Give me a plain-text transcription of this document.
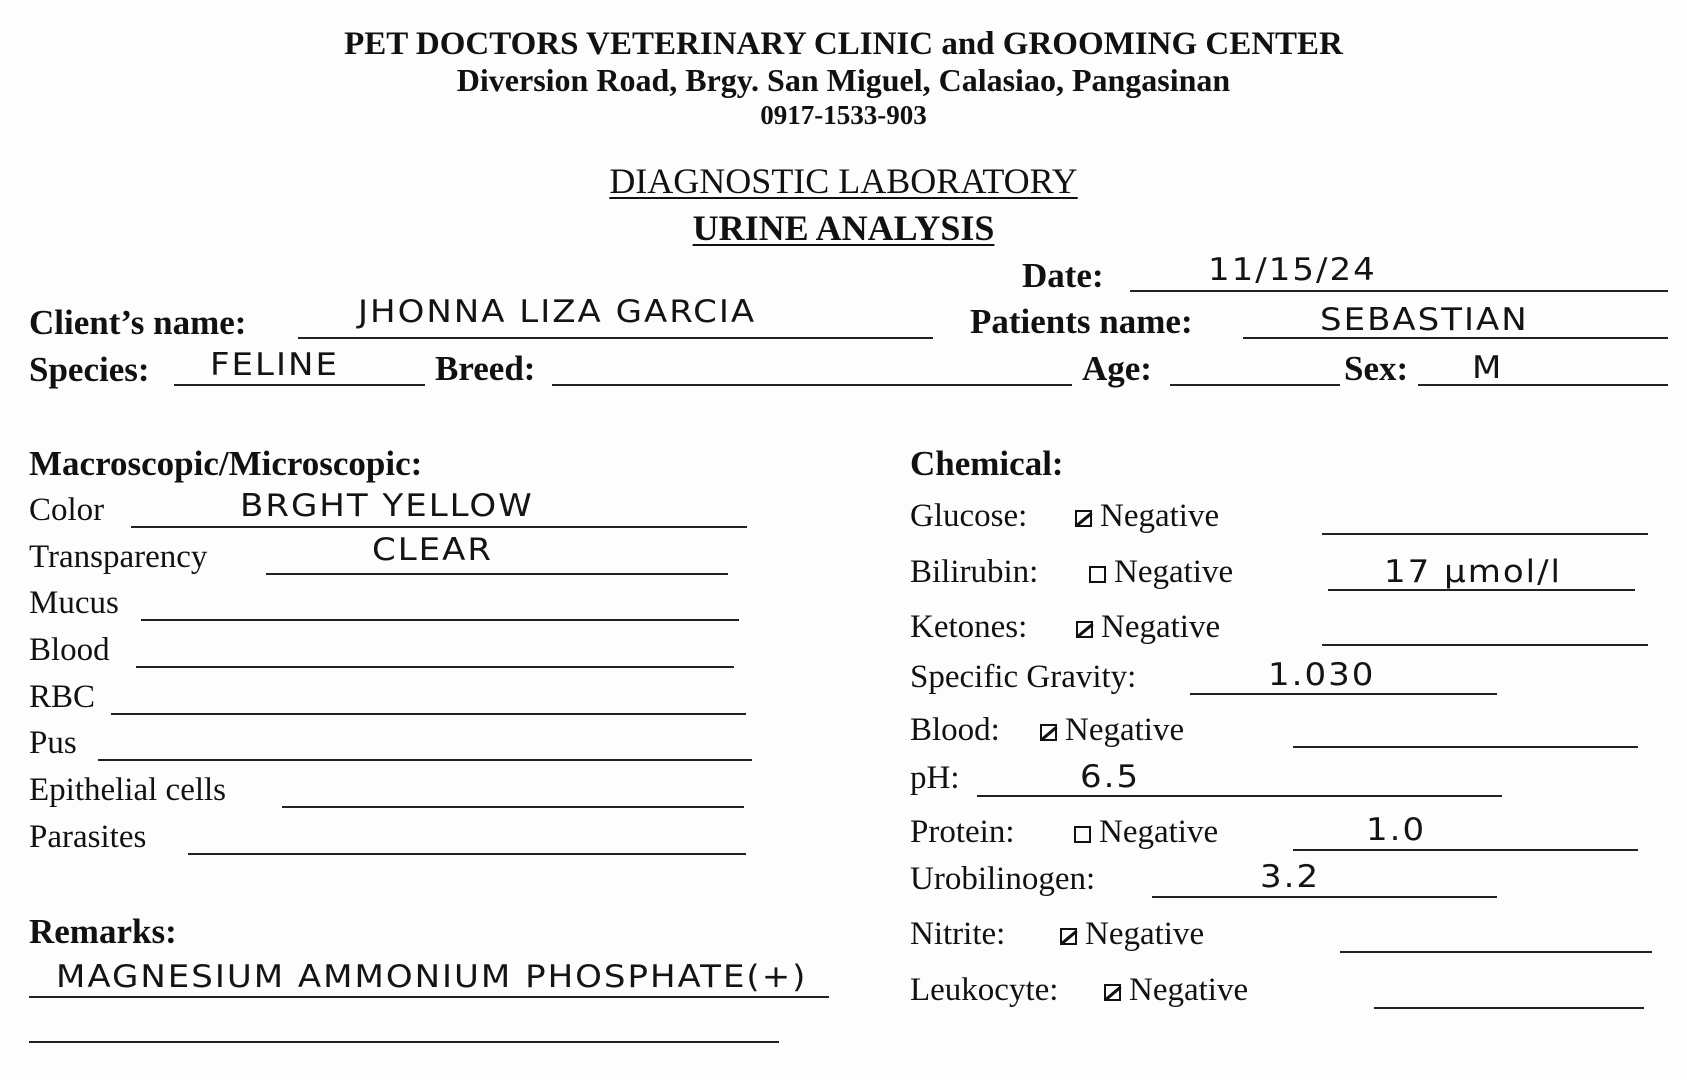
PET DOCTORS VETERINARY CLINIC and GROOMING CENTER
Diversion Road, Brgy. San Miguel, Calasiao, Pangasinan
0917-1533-903
DIAGNOSTIC LABORATORY
URINE ANALYSIS
Date:	11/15/24
Client’s name:	JHONNA LIZA GARCIA	Patients name:	SEBASTIAN
Species: FELINE	Breed:	Age:	Sex: M
Macroscopic/Microscopic:
Color	BRGHT YELLOW
Transparency	CLEAR
Mucus
Blood
RBC
Pus
Epithelial cells
Parasites
Remarks:
MAGNESIUM AMMONIUM PHOSPHATE(+)
Chemical:
Glucose:	Negative
Bilirubin:	Negative	17 µmol/l
Ketones:	Negative
Specific Gravity:	1.030
Blood:	Negative
pH:	6.5
Protein:	Negative	1.0
Urobilinogen:	3.2
Nitrite:	Negative
Leukocyte:	Negative
